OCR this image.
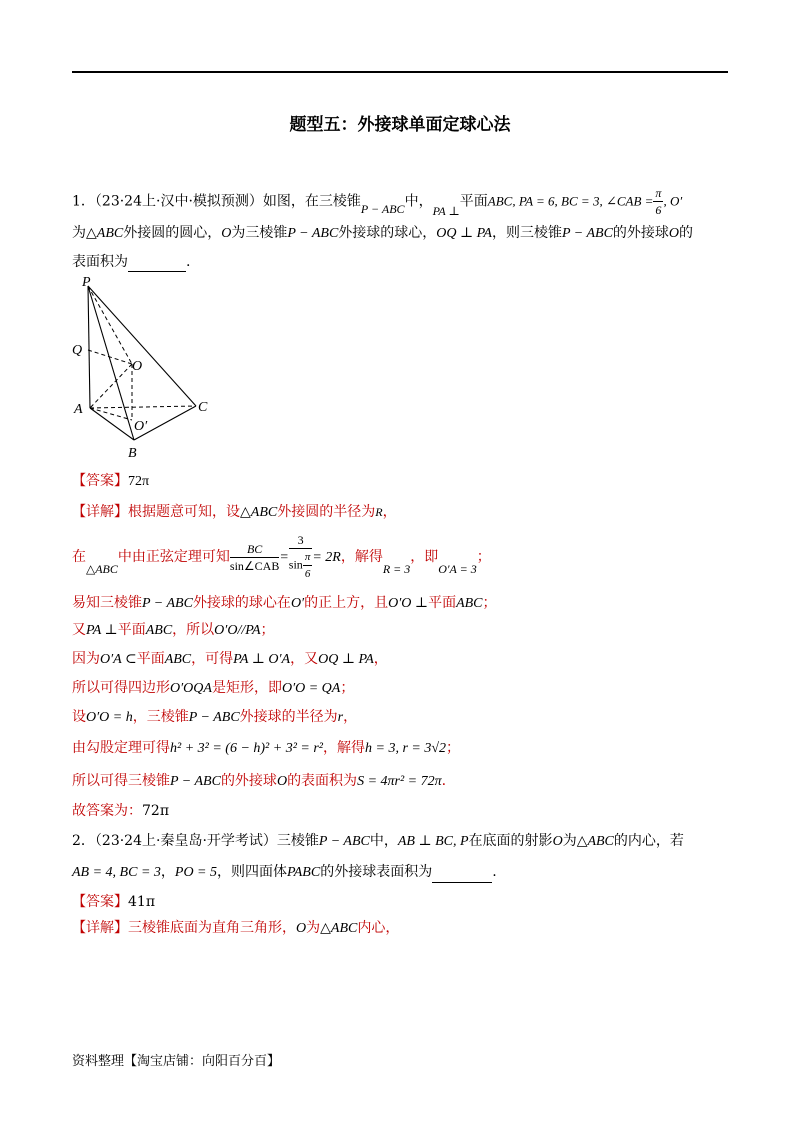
题型五：外接球单面定球心法
1．（23·24上·汉中·模拟预测）如图，在三棱锥P − ABC中，PA ⊥平面ABC, PA = 6, BC = 3, ∠CAB = $\frac{\pi}{6}$ , O′
为△ABC外接圆的圆心，O为三棱锥P − ABC外接球的球心，OQ ⊥ PA，则三棱锥P − ABC的外接球O的
表面积为	.
P
Q
O
A	C
O′
B
【答案】72π
【详解】根据题意可知，设△ABC外接圆的半径为R，
在△ABC中由正弦定理可知 $\frac{BC}{\text{sin∠CAB}} = \frac{3}{\sin \frac{\pi}{6}} = 2R$，解得R = 3，即O′A = 3；
易知三棱锥P − ABC外接球的球心在O′的正上方，且O′O ⊥平面ABC；
又PA ⊥平面ABC，所以O′O//PA；
因为O′A ⊂平面ABC，可得PA ⊥ O′A，又OQ ⊥ PA，
所以可得四边形O′OQA是矩形，即O′O = QA；
设O′O = h，三棱锥P − ABC外接球的半径为r，
由勾股定理可得h² + 3² = (6 − h)² + 3² = r²，解得h = 3, r = 3√2；
所以可得三棱锥P − ABC的外接球O的表面积为S = 4πr² = 72π.
故答案为：72π
2．（23·24上·秦皇岛·开学考试）三棱锥P − ABC中，AB ⊥ BC, P在底面的射影O为△ABC的内心，若
AB = 4, BC = 3，PO = 5，则四面体PABC的外接球表面积为	.
【答案】41π
【详解】三棱锥底面为直角三角形，O为△ABC内心，
资料整理【淘宝店铺：向阳百分百】
